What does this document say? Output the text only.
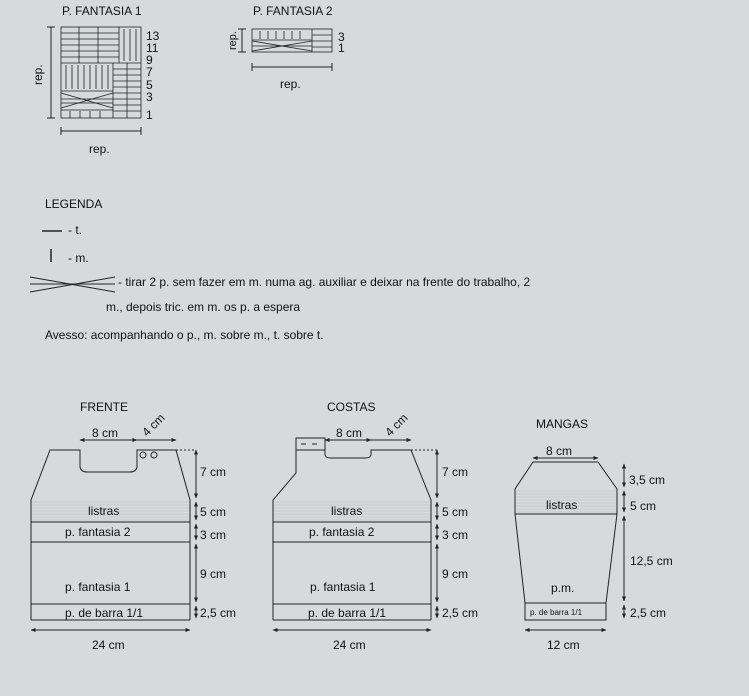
P. FANTASIA 1
rep.
13
11
9
7
5
3
1
rep.
P. FANTASIA 2
rep.	3
1
rep.
LEGENDA
- t.
- m.
- tirar 2 p. sem fazer em m. numa ag. auxiliar e deixar na frente do trabalho, 2
m., depois tric. em m. os p. a espera
Avesso: acompanhando o p., m. sobre m., t. sobre t.
FRENTE
listras
p. fantasia 2
p. fantasia 1
p. de barra 1/1
8 cm 4 cm
7 cm
5 cm
3 cm
9 cm
2,5 cm
24 cm
COSTAS
listras
p. fantasia 2
p. fantasia 1
p. de barra 1/1
8 cm 4 cm
7 cm
5 cm
3 cm
9 cm
2,5 cm
24 cm
MANGAS
listras
p.m.
p. de barra 1/1
8 cm
3,5 cm
5 cm
12,5 cm
2,5 cm
12 cm
